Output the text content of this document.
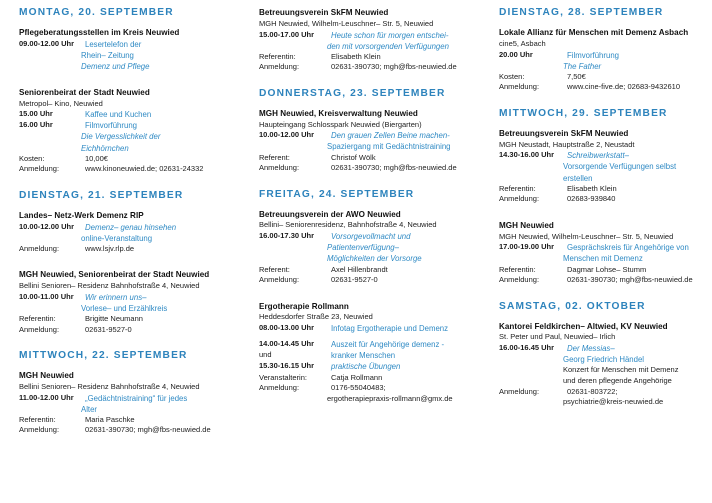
MONTAG, 20. SEPTEMBER
Pflegeberatungsstellen im Kreis Neuwied
09.00-12.00 Uhr	Lesertelefon der
Rhein– Zeitung
Demenz und Pflege
Seniorenbeirat der Stadt Neuwied
Metropol– Kino, Neuwied
15.00 Uhr	Kaffee und Kuchen
16.00 Uhr	Filmvorführung
Die Vergesslichkeit der
Eichhörnchen
Kosten:	10,00€
Anmeldung:	www.kinoneuwied.de; 02631-24332
DIENSTAG, 21. SEPTEMBER
Landes– Netz-Werk Demenz RlP
10.00-12.00 Uhr	Demenz– genau hinsehen
online-Veranstaltung
Anmeldung:	www.lsjv.rlp.de
MGH Neuwied, Seniorenbeirat der Stadt Neuwied
Bellini Senioren– Residenz Bahnhofstraße 4, Neuwied
10.00-11.00 Uhr	Wir erinnern uns–
Vorlese– und Erzählkreis
Referentin:	Brigitte Neumann
Anmeldung:	02631-9527-0
MITTWOCH, 22. SEPTEMBER
MGH Neuwied
Bellini Senioren– Residenz Bahnhofstraße 4, Neuwied
11.00-12.00 Uhr	„Gedächtnistraining“ für jedes
Alter
Referentin:	Maria Paschke
Anmeldung:	02631-390730; mgh@fbs-neuwied.de
Betreuungsverein SkFM Neuwied
MGH Neuwied, Wilhelm-Leuschner– Str. 5, Neuwied
15.00-17.00 Uhr	Heute schon für morgen entschei-
den mit vorsorgenden Verfügungen
Referentin:	Elisabeth Klein
Anmeldung:	02631-390730; mgh@fbs-neuwied.de
DONNERSTAG, 23. SEPTEMBER
MGH Neuwied, Kreisverwaltung Neuwied
Haupteingang Schlosspark Neuwied (Biergarten)
10.00-12.00 Uhr	Den grauen Zellen Beine machen-
Spaziergang mit Gedächtnistraining
Referent:	Christof Wölk
Anmeldung:	02631-390730; mgh@fbs-neuwied.de
FREITAG, 24. SEPTEMBER
Betreuungsverein der AWO Neuwied
Bellini– Seniorenresidenz, Bahnhofstraße 4, Neuwied
16.00-17.30 Uhr	Vorsorgevollmacht und
Patientenverfügung–
Möglichkeiten der Vorsorge
Referent:	Axel Hillenbrandt
Anmeldung:	02631-9527-0
Ergotherapie Rollmann
Heddesdorfer Straße 23, Neuwied
08.00-13.00 Uhr	Infotag Ergotherapie und Demenz
14.00-14.45 Uhr	Auszeit für Angehörige demenz -
und	kranker Menschen
15.30-16.15 Uhr	praktische Übungen
Veranstalterin:	Catja Rollmann
Anmeldung:	0176-55040483;
ergotherapiepraxis-rollmann@gmx.de
DIENSTAG, 28. SEPTEMBER
Lokale Allianz für Menschen mit Demenz Asbach
cine5, Asbach
20.00 Uhr	Filmvorführung
The Father
Kosten:	7,50€
Anmeldung:	www.cine-five.de; 02683-9432610
MITTWOCH, 29. SEPTEMBER
Betreuungsverein SkFM Neuwied
MGH Neustadt, Hauptstraße 2, Neustadt
14.30-16.00 Uhr	Schreibwerkstatt–
Vorsorgende Verfügungen selbst
erstellen
Referentin:	Elisabeth Klein
Anmeldung:	02683-939840
MGH Neuwied
MGH Neuwied, Wilhelm-Leuschner– Str. 5, Neuwied
17.00-19.00 Uhr	Gesprächskreis für Angehörige von
Menschen mit Demenz
Referentin:	Dagmar Lohse– Stumm
Anmeldung:	02631-390730; mgh@fbs-neuwied.de
SAMSTAG, 02. OKTOBER
Kantorei Feldkirchen– Altwied, KV Neuwied
St. Peter und Paul, Neuwied– Irlich
16.00-16.45 Uhr	Der Messias–
Georg Friedrich Händel
Konzert für Menschen mit Demenz
und deren pflegende Angehörige
Anmeldung:	02631-803722;
psychiatrie@kreis-neuwied.de
